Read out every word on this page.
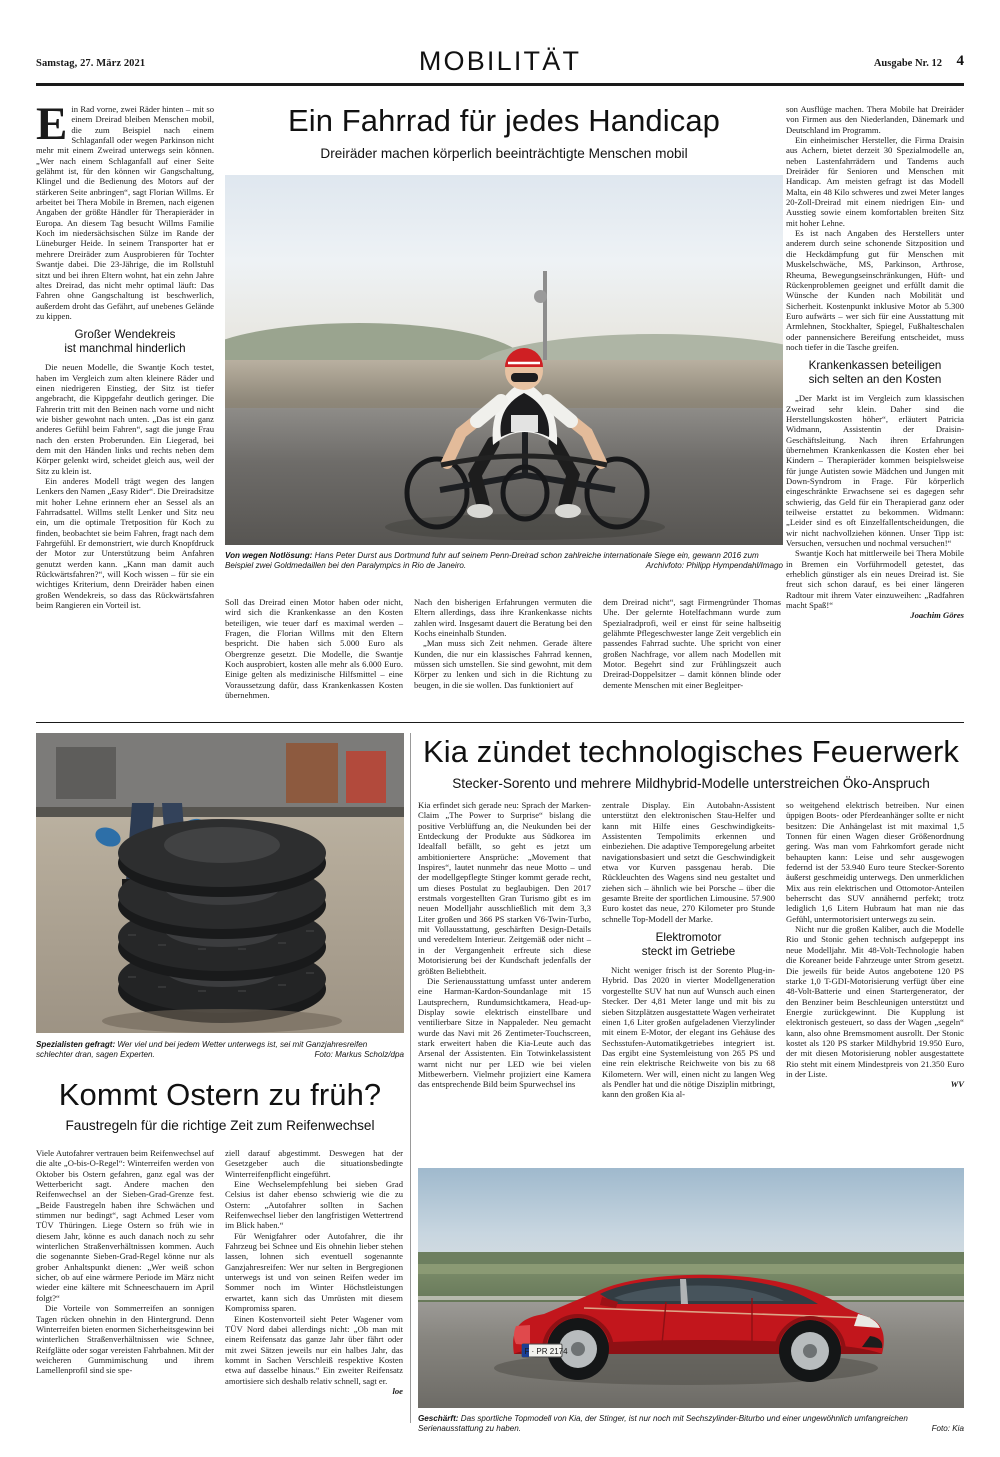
Samstag, 27. März 2021	MOBILITÄT	Ausgabe Nr. 12 4
Ein Fahrrad für jedes Handicap
Dreiräder machen körperlich beeinträchtigte Menschen mobil

Ein Rad vorne, zwei Räder hinten – mit so einem Dreirad bleiben Menschen mobil, die zum Beispiel nach einem Schlaganfall oder wegen Parkinson nicht mehr mit einem Zweirad unterwegs sein können. „Wer nach einem Schlaganfall auf einer Seite gelähmt ist, für den können wir Gangschaltung, Klingel und die Bedienung des Motors auf der stärkeren Seite anbringen“, sagt Florian Willms. Er arbeitet bei Thera Mobile in Bremen, nach eigenen Angaben der größte Händler für Therapieräder in Europa. An diesem Tag besucht Willms Familie Koch im niedersächsischen Sülze im Rande der Lüneburger Heide. In seinem Transporter hat er mehrere Dreiräder zum Ausprobieren für Tochter Swantje dabei. Die 23-Jährige, die im Rollstuhl sitzt und bei ihren Eltern wohnt, hat ein zehn Jahre altes Dreirad, das nicht mehr optimal läuft: Das Fahren ohne Gangschaltung ist beschwerlich, außerdem droht das Gefährt, auf unebenes Gelände zu kippen.

Großer Wendekreis
ist manchmal hinderlich

Die neuen Modelle, die Swantje Koch testet, haben im Vergleich zum alten kleinere Räder und einen niedrigeren Einstieg, der Sitz ist tiefer angebracht, die Kippgefahr deutlich geringer. Die Fahrerin tritt mit den Beinen nach vorne und nicht wie bisher gewohnt nach unten. „Das ist ein ganz anderes Gefühl beim Fahren“, sagt die junge Frau nach den ersten Proberunden. Ein Liegerad, bei dem mit den Händen links und rechts neben dem Körper gelenkt wird, scheidet gleich aus, weil der Sitz zu klein ist.

Ein anderes Modell trägt wegen des langen Lenkers den Namen „Easy Rider“. Die Dreiradsitze mit hoher Lehne erinnern eher an Sessel als an Fahrradsattel. Willms stellt Lenker und Sitz neu ein, um die optimale Tretposition für Koch zu finden, beobachtet sie beim Fahren, fragt nach dem Fahrgefühl. Er demonstriert, wie durch Knopfdruck der Motor zur Unterstützung beim Anfahren genutzt werden kann. „Kann man damit auch Rückwärtsfahren?“, will Koch wissen – für sie ein wichtiges Kriterium, denn Dreiräder haben einen großen Wendekreis, so dass das Rückwärtsfahren beim Rangieren ein Vorteil ist.

Von wegen Notlösung: Hans Peter Durst aus Dortmund fuhr auf seinem Penn-Dreirad schon zahlreiche internationale Siege ein, gewann 2016 zum Beispiel zwei Goldmedaillen bei den Paralympics in Rio de Janeiro.	Archivfoto: Philipp Hympendahl/Imago

Soll das Dreirad einen Motor haben oder nicht, wird sich die Krankenkasse an den Kosten beteiligen, wie teuer darf es maximal werden – Fragen, die Florian Willms mit den Eltern bespricht. Die haben sich 5.000 Euro als Obergrenze gesetzt. Die Modelle, die Swantje Koch ausprobiert, kosten alle mehr als 6.000 Euro. Einige gelten als medizinische Hilfsmittel – eine Voraussetzung dafür, dass Krankenkassen Kosten übernehmen.

Nach den bisherigen Erfahrungen vermuten die Eltern allerdings, dass ihre Krankenkasse nichts zahlen wird. Insgesamt dauert die Beratung bei den Kochs eineinhalb Stunden.

„Man muss sich Zeit nehmen. Gerade ältere Kunden, die nur ein klassisches Fahrrad kennen, müssen sich umstellen. Sie sind gewohnt, mit dem Körper zu lenken und sich in die Richtung zu beugen, in die sie wollen. Das funktioniert auf

dem Dreirad nicht“, sagt Firmengründer Thomas Uhe. Der gelernte Hotelfachmann wurde zum Spezialradprofi, weil er einst für seine halbseitig gelähmte Pflegeschwester lange Zeit vergeblich ein passendes Fahrrad suchte. Uhe spricht von einer großen Nachfrage, vor allem nach Modellen mit Motor. Begehrt sind zur Frühlingszeit auch Dreirad-Doppelsitzer – damit können blinde oder demente Menschen mit einer Begleitper-

son Ausflüge machen. Thera Mobile hat Dreiräder von Firmen aus den Niederlanden, Dänemark und Deutschland im Programm.

Ein einheimischer Hersteller, die Firma Draisin aus Achern, bietet derzeit 30 Spezialmodelle an, neben Lastenfahrrädern und Tandems auch Dreiräder für Senioren und Menschen mit Handicap. Am meisten gefragt ist das Modell Malta, ein 48 Kilo schweres und zwei Meter langes 20-Zoll-Dreirad mit einem niedrigen Ein- und Ausstieg sowie einem komfortablen breiten Sitz mit hoher Lehne.

Es ist nach Angaben des Herstellers unter anderem durch seine schonende Sitzposition und die Heckdämpfung gut für Menschen mit Muskelschwäche, MS, Parkinson, Arthrose, Rheuma, Bewegungseinschränkungen, Hüft- und Rückenproblemen geeignet und erfüllt damit die Wünsche der Kunden nach Mobilität und Sicherheit. Kostenpunkt inklusive Motor ab 5.300 Euro aufwärts – wer sich für eine Ausstattung mit Armlehnen, Stockhalter, Spiegel, Fußhalteschalen oder pannensichere Bereifung entscheidet, muss noch tiefer in die Tasche greifen.

Krankenkassen beteiligen
sich selten an den Kosten

„Der Markt ist im Vergleich zum klassischen Zweirad sehr klein. Daher sind die Herstellungskosten höher“, erläutert Patricia Widmann, Assistentin der Draisin-Geschäftsleitung. Nach ihren Erfahrungen übernehmen Krankenkassen die Kosten eher bei Kindern – Therapieräder kommen beispielsweise für junge Autisten sowie Mädchen und Jungen mit Down-Syndrom in Frage. Für körperlich eingeschränkte Erwachsene sei es dagegen sehr schwierig, das Geld für ein Therapierad ganz oder teilweise erstattet zu bekommen. Widmann: „Leider sind es oft Einzelfallentscheidungen, die wir nicht nachvollziehen können. Unser Tipp ist: Versuchen, versuchen und nochmal versuchen!“

Swantje Koch hat mittlerweile bei Thera Mobile in Bremen ein Vorführmodell getestet, das erheblich günstiger als ein neues Dreirad ist. Sie freut sich schon darauf, es bei einer längeren Radtour mit ihrem Vater einzuweihen: „Radfahren macht Spaß!“

Joachim Göres

Spezialisten gefragt: Wer viel und bei jedem Wetter unterwegs ist, sei mit Ganzjahresreifen schlechter dran, sagen Experten.	Foto: Markus Scholz/dpa
Kommt Ostern zu früh?
Faustregeln für die richtige Zeit zum Reifenwechsel

Viele Autofahrer vertrauen beim Reifenwechsel auf die alte „O-bis-O-Regel“: Winterreifen werden von Oktober bis Ostern gefahren, ganz egal was der Wetterbericht sagt. Andere machen den Reifenwechsel an der Sieben-Grad-Grenze fest. „Beide Faustregeln haben ihre Schwächen und stimmen nur bedingt“, sagt Achmed Leser vom TÜV Thüringen. Liege Ostern so früh wie in diesem Jahr, könne es auch danach noch zu sehr winterlichen Straßenverhältnissen kommen. Auch die sogenannte Sieben-Grad-Regel könne nur als grober Anhaltspunkt dienen: „Wer weiß schon sicher, ob auf eine wärmere Periode im März nicht wieder eine kältere mit Schneeschauern im April folgt?“

Die Vorteile von Sommerreifen an sonnigen Tagen rücken ohnehin in den Hintergrund. Denn Winterreifen bieten enormen Sicherheitsgewinn bei winterlichen Straßenverhältnissen wie Schnee, Reifglätte oder sogar vereisten Fahrbahnen. Mit der weicheren Gummimischung und ihrem Lamellenprofil sind sie spe-

ziell darauf abgestimmt. Deswegen hat der Gesetzgeber auch die situationsbedingte Winterreifenpflicht eingeführt.

Eine Wechselempfehlung bei sieben Grad Celsius ist daher ebenso schwierig wie die zu Ostern: „Autofahrer sollten in Sachen Reifenwechsel lieber den langfristigen Wettertrend im Blick haben.“

Für Wenigfahrer oder Autofahrer, die ihr Fahrzeug bei Schnee und Eis ohnehin lieber stehen lassen, lohnen sich eventuell sogenannte Ganzjahresreifen: Wer nur selten in Bergregionen unterwegs ist und von seinen Reifen weder im Sommer noch im Winter Höchstleistungen erwartet, kann sich das Umrüsten mit diesem Kompromiss sparen.

Einen Kostenvorteil sieht Peter Wagener vom TÜV Nord dabei allerdings nicht: „Ob man mit einem Reifensatz das ganze Jahr über fährt oder mit zwei Sätzen jeweils nur ein halbes Jahr, das kommt in Sachen Verschleiß respektive Kosten etwa auf dasselbe hinaus.“ Ein zweiter Reifensatz amortisiere sich deshalb relativ schnell, sagt er.

loe

Kia zündet technologisches Feuerwerk
Stecker-Sorento und mehrere Mildhybrid-Modelle unterstreichen Öko-Anspruch

Kia erfindet sich gerade neu: Sprach der Marken-Claim „The Power to Surprise“ bislang die positive Verblüffung an, die Neukunden bei der Entdeckung der Produkte aus Südkorea im Idealfall befällt, so geht es jetzt um ambitioniertere Ansprüche: „Movement that Inspires“, lautet nunmehr das neue Motto – und der modellgepflegte Stinger kommt gerade recht, um dieses Postulat zu beglaubigen. Den 2017 erstmals vorgestellten Gran Turismo gibt es im neuen Modelljahr ausschließlich mit dem 3,3 Liter großen und 366 PS starken V6-Twin-Turbo, mit Vollausstattung, geschärften Design-Details und veredeltem Interieur. Zeitgemäß oder nicht – in der Vergangenheit erfreute sich diese Motorisierung bei der Kundschaft jedenfalls der größten Beliebtheit.

Die Serienausstattung umfasst unter anderem eine Harman-Kardon-Soundanlage mit 15 Lautsprechern, Rundumsichtkamera, Head-up-Display sowie elektrisch einstellbare und ventilierbare Sitze in Nappaleder. Neu gemacht wurde das Navi mit 26 Zentimeter-Touchscreen, stark erweitert haben die Kia-Leute auch das Arsenal der Assistenten. Ein Totwinkelassistent warnt nicht nur per LED wie bei vielen Mitbewerbern. Vielmehr projiziert eine Kamera das entsprechende Bild beim Spurwechsel ins

zentrale Display. Ein Autobahn-Assistent unterstützt den elektronischen Stau-Helfer und kann mit Hilfe eines Geschwindigkeits-Assistenten Tempolimits erkennen und einbeziehen. Die adaptive Temporegelung arbeitet navigationsbasiert und setzt die Geschwindigkeit etwa vor Kurven passgenau herab. Die Rückleuchten des Wagens sind neu gestaltet und ziehen sich – ähnlich wie bei Porsche – über die gesamte Breite der sportlichen Limousine. 57.900 Euro kostet das neue, 270 Kilometer pro Stunde schnelle Top-Modell der Marke.

Elektromotor
steckt im Getriebe

Nicht weniger frisch ist der Sorento Plug-in-Hybrid. Das 2020 in vierter Modellgeneration vorgestellte SUV hat nun auf Wunsch auch einen Stecker. Der 4,81 Meter lange und mit bis zu sieben Sitzplätzen ausgestattete Wagen verheiratet einen 1,6 Liter großen aufgeladenen Vierzylinder mit einem E-Motor, der elegant ins Gehäuse des Sechsstufen-Automatikgetriebes integriert ist. Das ergibt eine Systemleistung von 265 PS und eine rein elektrische Reichweite von bis zu 68 Kilometern. Wer will, einen nicht zu langen Weg als Pendler hat und die nötige Disziplin mitbringt, kann den großen Kia al-

so weitgehend elektrisch betreiben. Nur einen üppigen Boots- oder Pferdeanhänger sollte er nicht besitzen: Die Anhängelast ist mit maximal 1,5 Tonnen für einen Wagen dieser Größenordnung gering. Was man vom Fahrkomfort gerade nicht behaupten kann: Leise und sehr ausgewogen federnd ist der 53.940 Euro teure Stecker-Sorento äußerst geschmeidig unterwegs. Den unmerklichen Mix aus rein elektrischen und Ottomotor-Anteilen beherrscht das SUV annähernd perfekt; trotz lediglich 1,6 Litern Hubraum hat man nie das Gefühl, untermotorisiert unterwegs zu sein.

Nicht nur die großen Kaliber, auch die Modelle Rio und Stonic gehen technisch aufgepeppt ins neue Modelljahr. Mit 48-Volt-Technologie haben die Koreaner beide Fahrzeuge unter Strom gesetzt. Die jeweils für beide Autos angebotene 120 PS starke 1,0 T-GDI-Motorisierung verfügt über eine 48-Volt-Batterie und einen Startergenerator, der den Benziner beim Beschleunigen unterstützt und Energie zurückgewinnt. Die Kupplung ist elektronisch gesteuert, so dass der Wagen „segeln“ kann, also ohne Bremsmoment ausrollt. Der Stonic kostet als 120 PS starker Mildhybrid 19.950 Euro, der mit diesen Motorisierung nobler ausgestattete Rio steht mit einem Mindestpreis von 21.350 Euro in der Liste.

WV

F · PR 2174
Geschärft: Das sportliche Topmodell von Kia, der Stinger, ist nur noch mit Sechszylinder-Biturbo und einer ungewöhnlich umfangreichen Serienausstattung zu haben.	Foto: Kia
